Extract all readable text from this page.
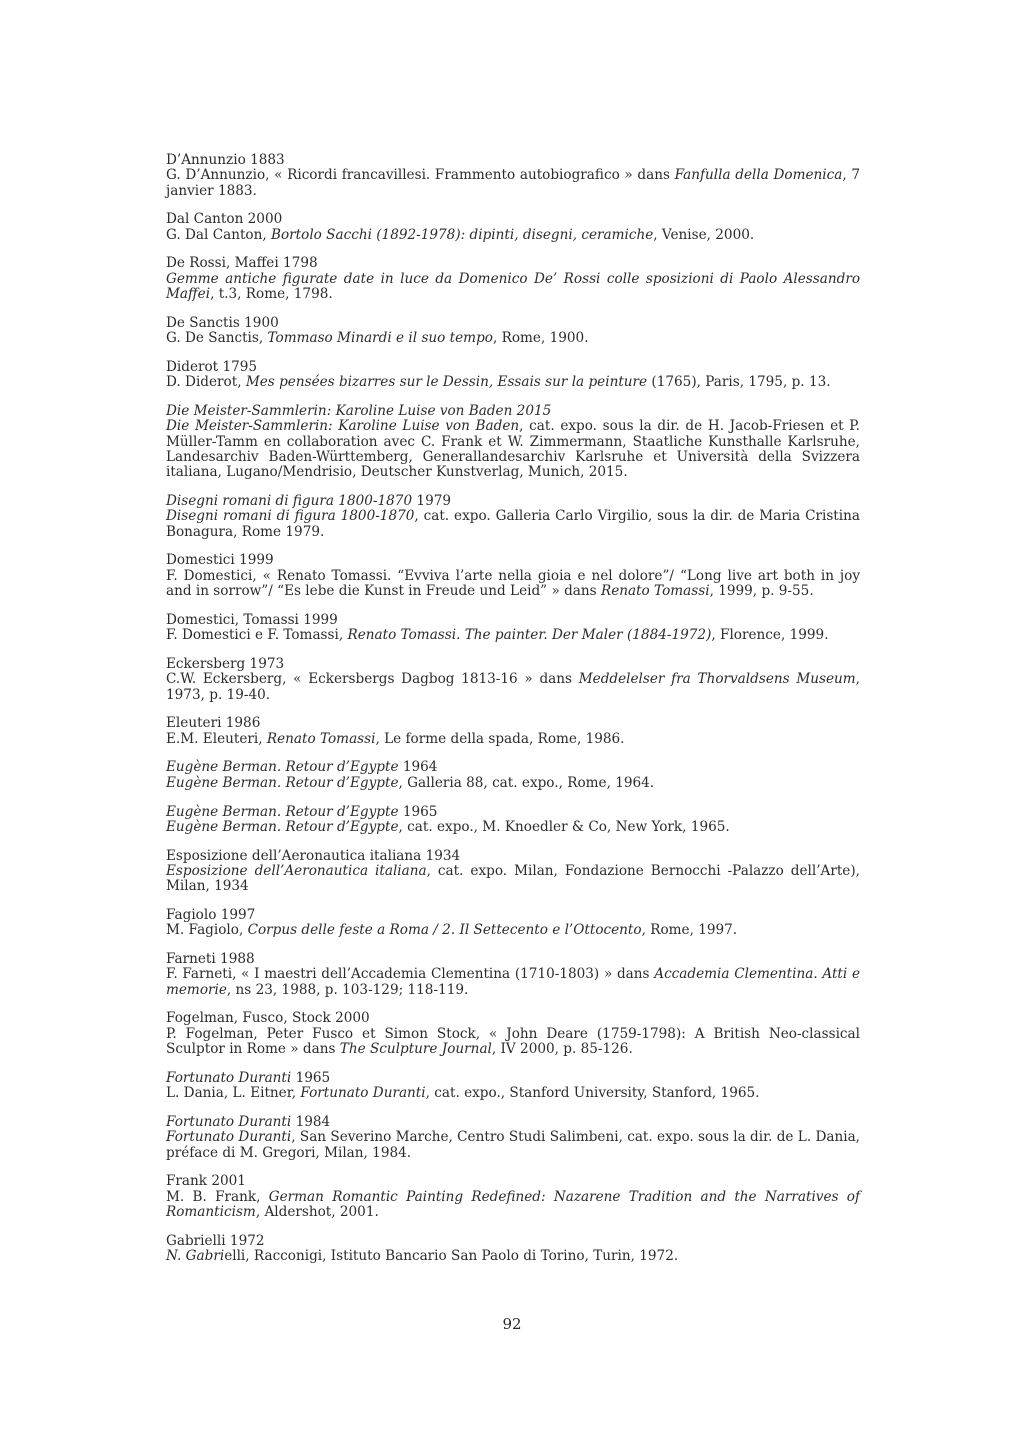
D’Annunzio 1883

G. D’Annunzio, « Ricordi francavillesi. Frammento autobiografico » dans Fanfulla della Domenica, 7 janvier 1883.

Dal Canton 2000

G. Dal Canton, Bortolo Sacchi (1892-1978): dipinti, disegni, ceramiche, Venise, 2000.

De Rossi, Maffei 1798

Gemme antiche figurate date in luce da Domenico De’ Rossi colle sposizioni di Paolo Alessandro Maffei, t.3, Rome, 1798.

De Sanctis 1900

G. De Sanctis, Tommaso Minardi e il suo tempo, Rome, 1900.

Diderot 1795

D. Diderot, Mes pensées bizarres sur le Dessin, Essais sur la peinture (1765), Paris, 1795, p. 13.

Die Meister-Sammlerin: Karoline Luise von Baden 2015

Die Meister-Sammlerin: Karoline Luise von Baden, cat. expo. sous la dir. de H. Jacob-Friesen et P. Müller-Tamm en collaboration avec C. Frank et W. Zimmermann, Staatliche Kunsthalle Karlsruhe, Landesarchiv Baden-Württemberg, Generallandesarchiv Karlsruhe et Università della Svizzera italiana, Lugano/Mendrisio, Deutscher Kunstverlag, Munich, 2015.

Disegni romani di figura 1800-1870 1979

Disegni romani di figura 1800-1870, cat. expo. Galleria Carlo Virgilio, sous la dir. de Maria Cristina Bonagura, Rome 1979.

Domestici 1999

F. Domestici, « Renato Tomassi. “Evviva l’arte nella gioia e nel dolore”/ “Long live art both in joy and in sorrow”/ “Es lebe die Kunst in Freude und Leid” » dans Renato Tomassi, 1999, p. 9-55.

Domestici, Tomassi 1999

F. Domestici e F. Tomassi, Renato Tomassi. The painter. Der Maler (1884-1972), Florence, 1999.

Eckersberg 1973

C.W. Eckersberg, « Eckersbergs Dagbog 1813-16 » dans Meddelelser fra Thorvaldsens Museum, 1973, p. 19-40.

Eleuteri 1986

E.M. Eleuteri, Renato Tomassi, Le forme della spada, Rome, 1986.

Eugène Berman. Retour d’Egypte 1964

Eugène Berman. Retour d’Egypte, Galleria 88, cat. expo., Rome, 1964.

Eugène Berman. Retour d’Egypte 1965

Eugène Berman. Retour d’Egypte, cat. expo., M. Knoedler & Co, New York, 1965.

Esposizione dell’Aeronautica italiana 1934

Esposizione dell’Aeronautica italiana, cat. expo. Milan, Fondazione Bernocchi -Palazzo dell’Arte), Milan, 1934

Fagiolo 1997

M. Fagiolo, Corpus delle feste a Roma / 2. Il Settecento e l’Ottocento, Rome, 1997.

Farneti 1988

F. Farneti, « I maestri dell’Accademia Clementina (1710-1803) » dans Accademia Clementina. Atti e memorie, ns 23, 1988, p. 103-129; 118-119.

Fogelman, Fusco, Stock 2000

P. Fogelman, Peter Fusco et Simon Stock, « John Deare (1759-1798): A British Neo-classical Sculptor in Rome » dans The Sculpture Journal, IV 2000, p. 85-126.

Fortunato Duranti 1965

L. Dania, L. Eitner, Fortunato Duranti, cat. expo., Stanford University, Stanford, 1965.

Fortunato Duranti 1984

Fortunato Duranti, San Severino Marche, Centro Studi Salimbeni, cat. expo. sous la dir. de L. Dania, préface di M. Gregori, Milan, 1984.

Frank 2001

M. B. Frank, German Romantic Painting Redefined: Nazarene Tradition and the Narratives of Romanticism, Aldershot, 2001.

Gabrielli 1972

N. Gabrielli, Racconigi, Istituto Bancario San Paolo di Torino, Turin, 1972.

92
